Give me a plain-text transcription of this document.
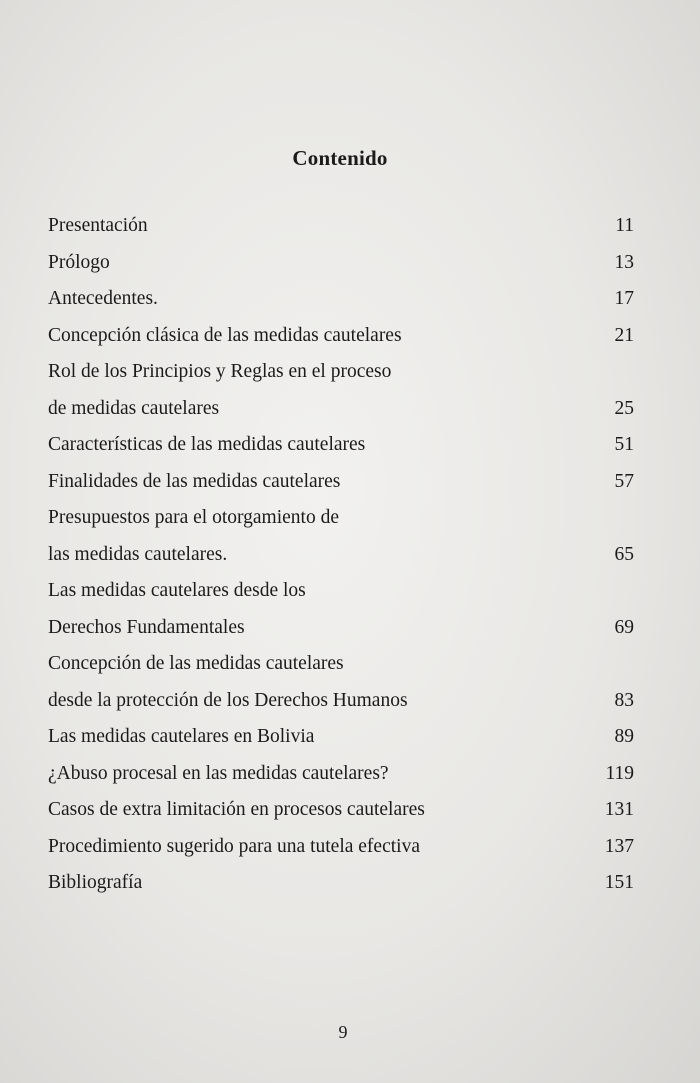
Contenido
Presentación .....	11
Prólogo .....	13
Antecedentes. .....	17
Concepción clásica de las medidas cautelares .....	21
Rol de los Principios y Reglas en el proceso
de medidas cautelares .....	25
Características de las medidas cautelares .....	51
Finalidades de las medidas cautelares .....	57
Presupuestos para el otorgamiento de
las medidas cautelares. .....	65
Las medidas cautelares desde los
Derechos Fundamentales .....	69
Concepción de las medidas cautelares
desde la protección de los Derechos Humanos .....	83
Las medidas cautelares en Bolivia .....	89
¿Abuso procesal en las medidas cautelares? .....	119
Casos de extra limitación en procesos cautelares .....	131
Procedimiento sugerido para una tutela efectiva .....	137
Bibliografía .....	151
9
